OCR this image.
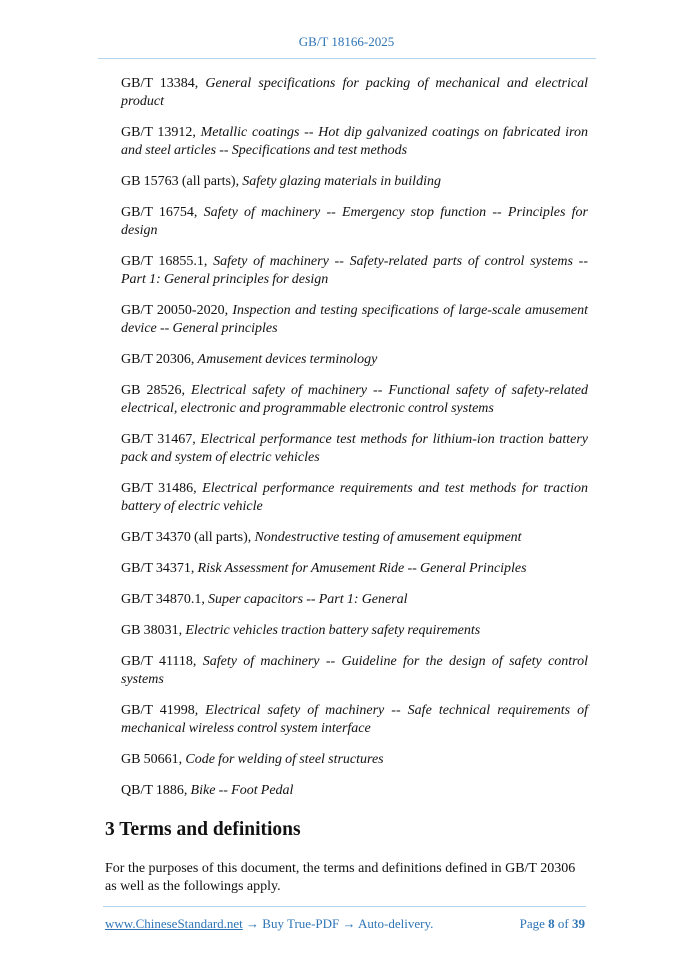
GB/T 18166-2025

GB/T 13384, General specifications for packing of mechanical and electrical product

GB/T 13912, Metallic coatings -- Hot dip galvanized coatings on fabricated iron and steel articles -- Specifications and test methods

GB 15763 (all parts), Safety glazing materials in building

GB/T 16754, Safety of machinery -- Emergency stop function -- Principles for design

GB/T 16855.1, Safety of machinery -- Safety-related parts of control systems -- Part 1: General principles for design

GB/T 20050-2020, Inspection and testing specifications of large-scale amusement device -- General principles

GB/T 20306, Amusement devices terminology

GB 28526, Electrical safety of machinery -- Functional safety of safety-related electrical, electronic and programmable electronic control systems

GB/T 31467, Electrical performance test methods for lithium-ion traction battery pack and system of electric vehicles

GB/T 31486, Electrical performance requirements and test methods for traction battery of electric vehicle

GB/T 34370 (all parts), Nondestructive testing of amusement equipment

GB/T 34371, Risk Assessment for Amusement Ride -- General Principles

GB/T 34870.1, Super capacitors -- Part 1: General

GB 38031, Electric vehicles traction battery safety requirements

GB/T 41118, Safety of machinery -- Guideline for the design of safety control systems

GB/T 41998, Electrical safety of machinery -- Safe technical requirements of mechanical wireless control system interface

GB 50661, Code for welding of steel structures

QB/T 1886, Bike -- Foot Pedal

3 Terms and definitions
For the purposes of this document, the terms and definitions defined in GB/T 20306 as well as the followings apply.
www.ChineseStandard.net → Buy True-PDF → Auto-delivery.	Page 8 of 39
